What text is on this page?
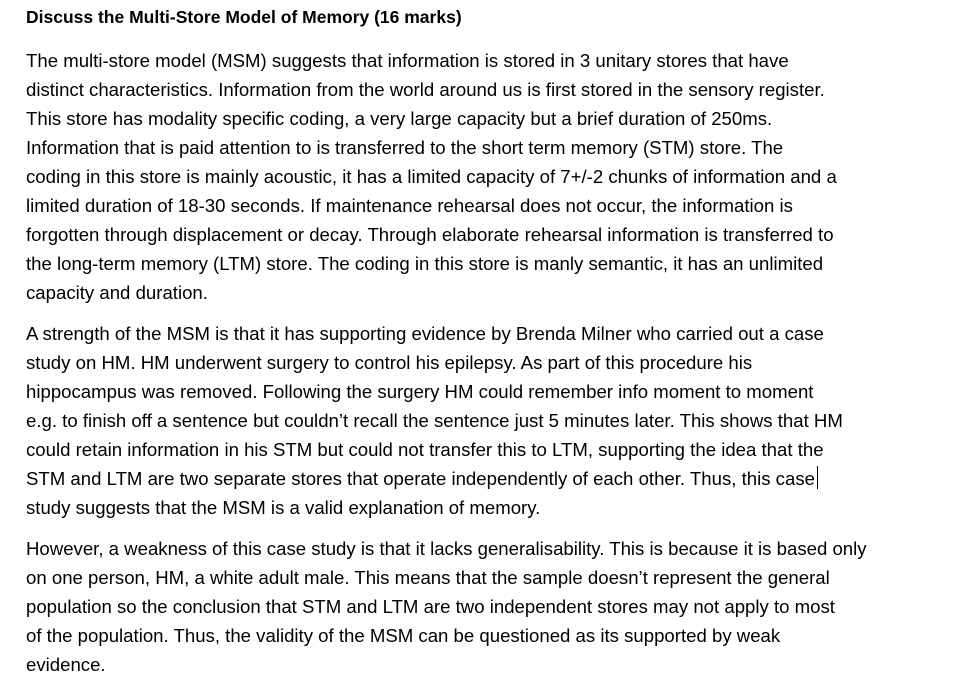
Discuss the Multi-Store Model of Memory (16 marks)
The multi-store model (MSM) suggests that information is stored in 3 unitary stores that have
distinct characteristics. Information from the world around us is first stored in the sensory register.
This store has modality specific coding, a very large capacity but a brief duration of 250ms.
Information that is paid attention to is transferred to the short term memory (STM) store. The
coding in this store is mainly acoustic, it has a limited capacity of 7+/-2 chunks of information and a
limited duration of 18-30 seconds. If maintenance rehearsal does not occur, the information is
forgotten through displacement or decay. Through elaborate rehearsal information is transferred to
the long-term memory (LTM) store. The coding in this store is manly semantic, it has an unlimited
capacity and duration.
A strength of the MSM is that it has supporting evidence by Brenda Milner who carried out a case
study on HM. HM underwent surgery to control his epilepsy. As part of this procedure his
hippocampus was removed. Following the surgery HM could remember info moment to moment
e.g. to finish off a sentence but couldn’t recall the sentence just 5 minutes later. This shows that HM
could retain information in his STM but could not transfer this to LTM, supporting the idea that the
STM and LTM are two separate stores that operate independently of each other. Thus, this case
study suggests that the MSM is a valid explanation of memory.
However, a weakness of this case study is that it lacks generalisability. This is because it is based only
on one person, HM, a white adult male. This means that the sample doesn’t represent the general
population so the conclusion that STM and LTM are two independent stores may not apply to most
of the population. Thus, the validity of the MSM can be questioned as its supported by weak
evidence.
